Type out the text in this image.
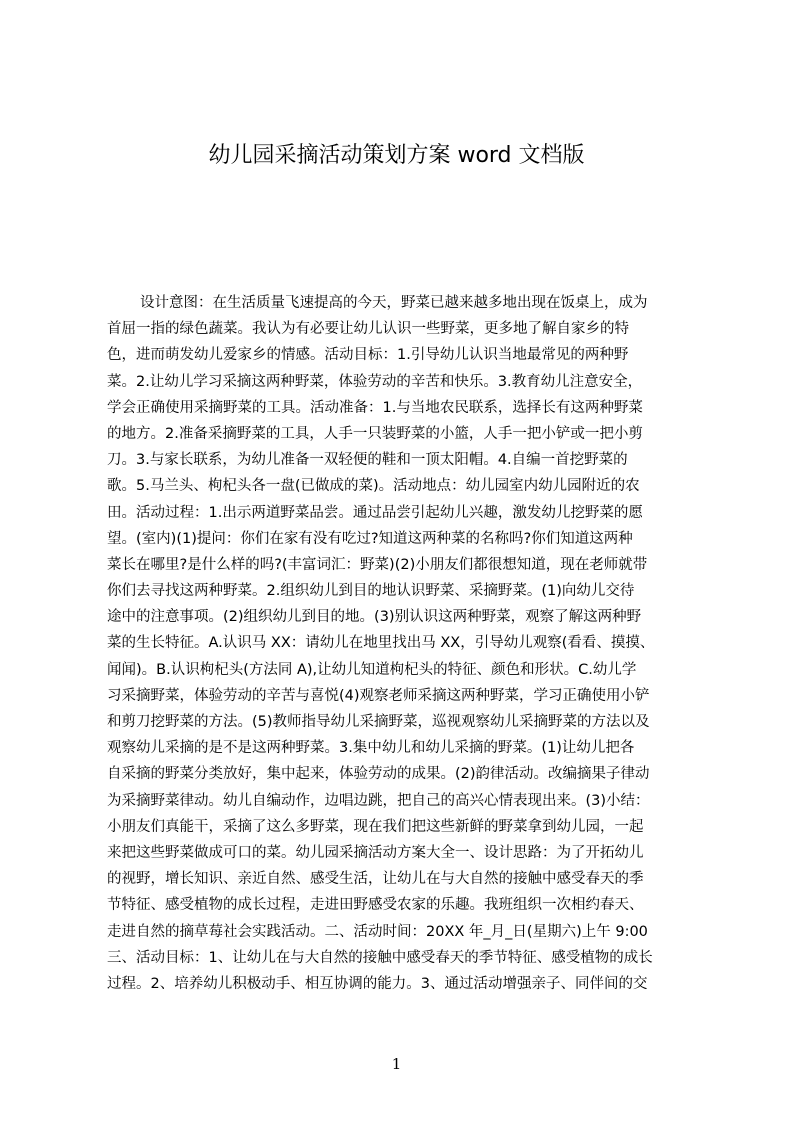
幼儿园采摘活动策划方案 word 文档版
设计意图：在生活质量飞速提高的今天，野菜已越来越多地出现在饭桌上，成为
首屈一指的绿色蔬菜。我认为有必要让幼儿认识一些野菜，更多地了解自家乡的特
色，进而萌发幼儿爱家乡的情感。活动目标：1.引导幼儿认识当地最常见的两种野
菜。2.让幼儿学习采摘这两种野菜，体验劳动的辛苦和快乐。3.教育幼儿注意安全，
学会正确使用采摘野菜的工具。活动准备：1.与当地农民联系，选择长有这两种野菜
的地方。2.准备采摘野菜的工具，人手一只装野菜的小篮，人手一把小铲或一把小剪
刀。3.与家长联系，为幼儿准备一双轻便的鞋和一顶太阳帽。4.自编一首挖野菜的
歌。5.马兰头、枸杞头各一盘(已做成的菜)。活动地点：幼儿园室内幼儿园附近的农
田。活动过程：1.出示两道野菜品尝。通过品尝引起幼儿兴趣，激发幼儿挖野菜的愿
望。(室内)(1)提问：你们在家有没有吃过?知道这两种菜的名称吗?你们知道这两种
菜长在哪里?是什么样的吗?(丰富词汇：野菜)(2)小朋友们都很想知道，现在老师就带
你们去寻找这两种野菜。2.组织幼儿到目的地认识野菜、采摘野菜。(1)向幼儿交待
途中的注意事项。(2)组织幼儿到目的地。(3)别认识这两种野菜，观察了解这两种野
菜的生长特征。A.认识马 XX：请幼儿在地里找出马 XX，引导幼儿观察(看看、摸摸、
闻闻)。B.认识枸杞头(方法同 A),让幼儿知道枸杞头的特征、颜色和形状。C.幼儿学
习采摘野菜，体验劳动的辛苦与喜悦(4)观察老师采摘这两种野菜，学习正确使用小铲
和剪刀挖野菜的方法。(5)教师指导幼儿采摘野菜，巡视观察幼儿采摘野菜的方法以及
观察幼儿采摘的是不是这两种野菜。3.集中幼儿和幼儿采摘的野菜。(1)让幼儿把各
自采摘的野菜分类放好，集中起来，体验劳动的成果。(2)韵律活动。改编摘果子律动
为采摘野菜律动。幼儿自编动作，边唱边跳，把自己的高兴心情表现出来。(3)小结：
小朋友们真能干，采摘了这么多野菜，现在我们把这些新鲜的野菜拿到幼儿园，一起
来把这些野菜做成可口的菜。幼儿园采摘活动方案大全一、设计思路：为了开拓幼儿
的视野，增长知识、亲近自然、感受生活，让幼儿在与大自然的接触中感受春天的季
节特征、感受植物的成长过程，走进田野感受农家的乐趣。我班组织一次相约春天、
走进自然的摘草莓社会实践活动。二、活动时间：20XX 年_月_日(星期六)上午 9:00
三、活动目标：1、让幼儿在与大自然的接触中感受春天的季节特征、感受植物的成长
过程。2、培养幼儿积极动手、相互协调的能力。3、通过活动增强亲子、同伴间的交
1
